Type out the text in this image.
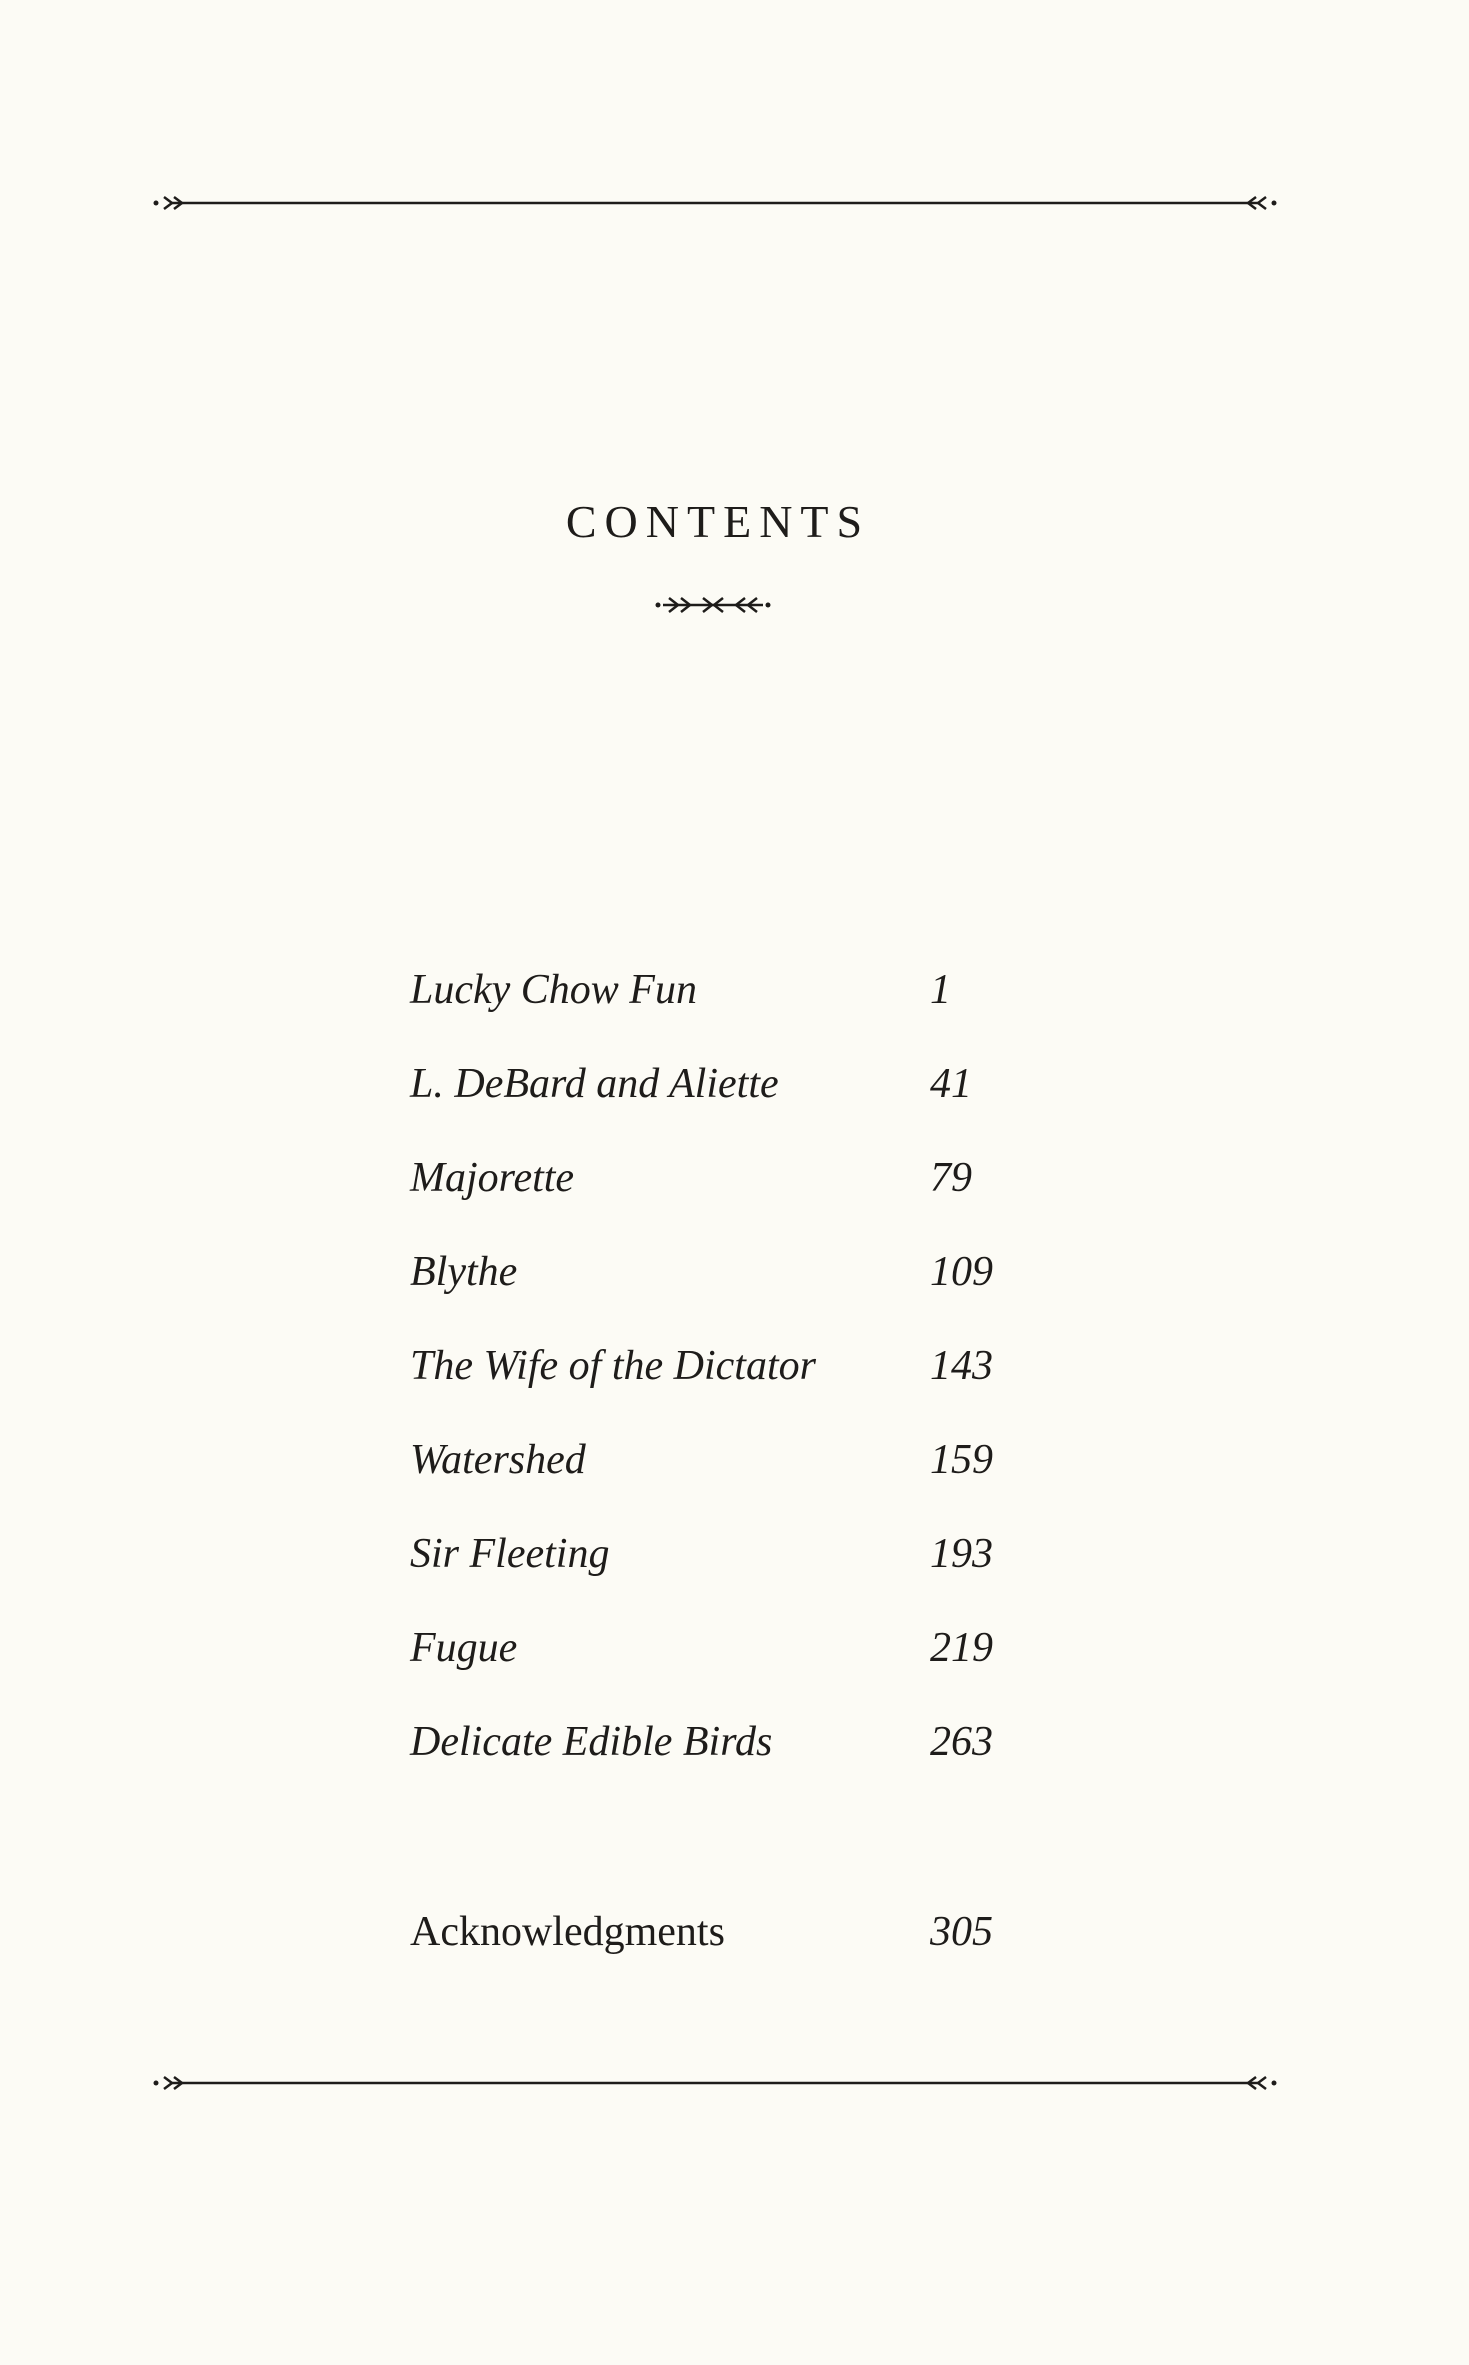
CONTENTS
Lucky Chow Fun	1
L. DeBard and Aliette	41
Majorette	79
Blythe	109
The Wife of the Dictator	143
Watershed	159
Sir Fleeting	193
Fugue	219
Delicate Edible Birds	263
Acknowledgments	305
